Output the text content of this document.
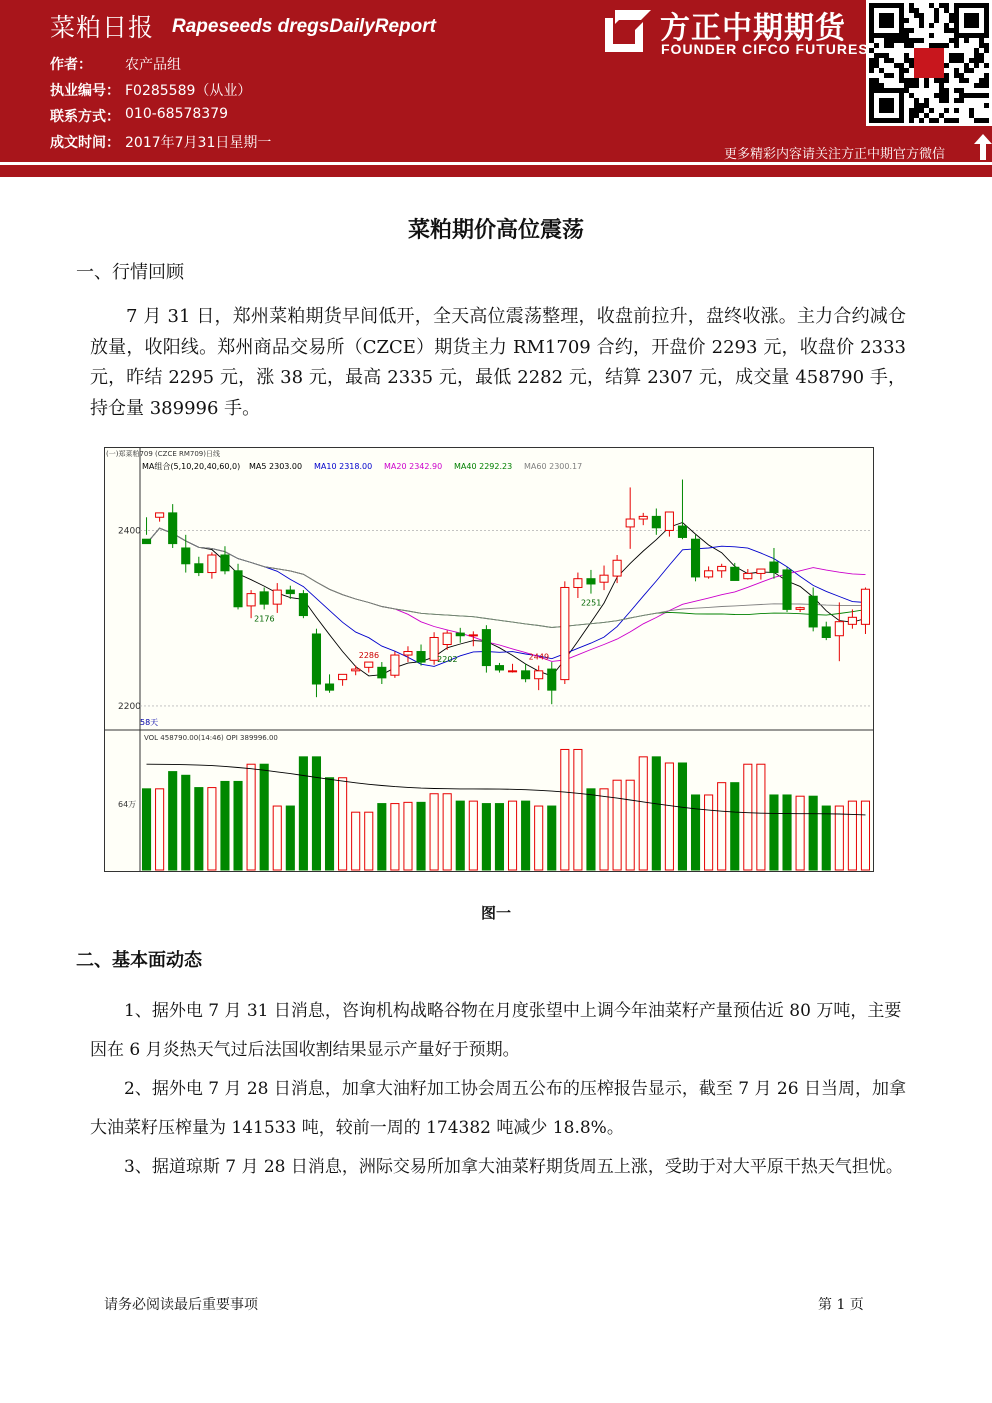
菜粕日报 Rapeseeds dregsDailyReport
作者： 农产品组
执业编号： F0285589（从业）
联系方式： 010-68578379
成文时间： 2017年7月31日星期一
方正中期期货
FOUNDER CIFCO FUTURES
更多精彩内容请关注方正中期官方微信
菜粕期价高位震荡
一、行情回顾
7 月 31 日，郑州菜粕期货早间低开，全天高位震荡整理，收盘前拉升，盘终收涨。主力合约减仓放量，收阳线。郑州商品交易所（CZCE）期货主力 RM1709 合约，开盘价 2293 元，收盘价 2333 元，昨结 2295 元，涨 38 元，最高 2335 元，最低 2282 元，结算 2307 元，成交量 458790 手，持仓量 389996 手。
2200
2400
(一)郑菜粕709 (CZCE RM709)日线
MA组合(5,10,20,40,60,0) MA5 2303.00 MA10 2318.00 MA20 2342.90 MA40 2292.23 MA60 2300.17
2449
2286	2202
2251
2176
58天
VOL 458790.00(14:46) OPI 389996.00
64万
图一
二、基本面动态

1、据外电 7 月 31 日消息，咨询机构战略谷物在月度张望中上调今年油菜籽产量预估近 80 万吨，主要因在 6 月炎热天气过后法国收割结果显示产量好于预期。

2、据外电 7 月 28 日消息，加拿大油籽加工协会周五公布的压榨报告显示，截至 7 月 26 日当周，加拿大油菜籽压榨量为 141533 吨，较前一周的 174382 吨减少 18.8%。

3、据道琼斯 7 月 28 日消息，洲际交易所加拿大油菜籽期货周五上涨，受助于对大平原干热天气担忧。

请务必阅读最后重要事项	第 1 页
